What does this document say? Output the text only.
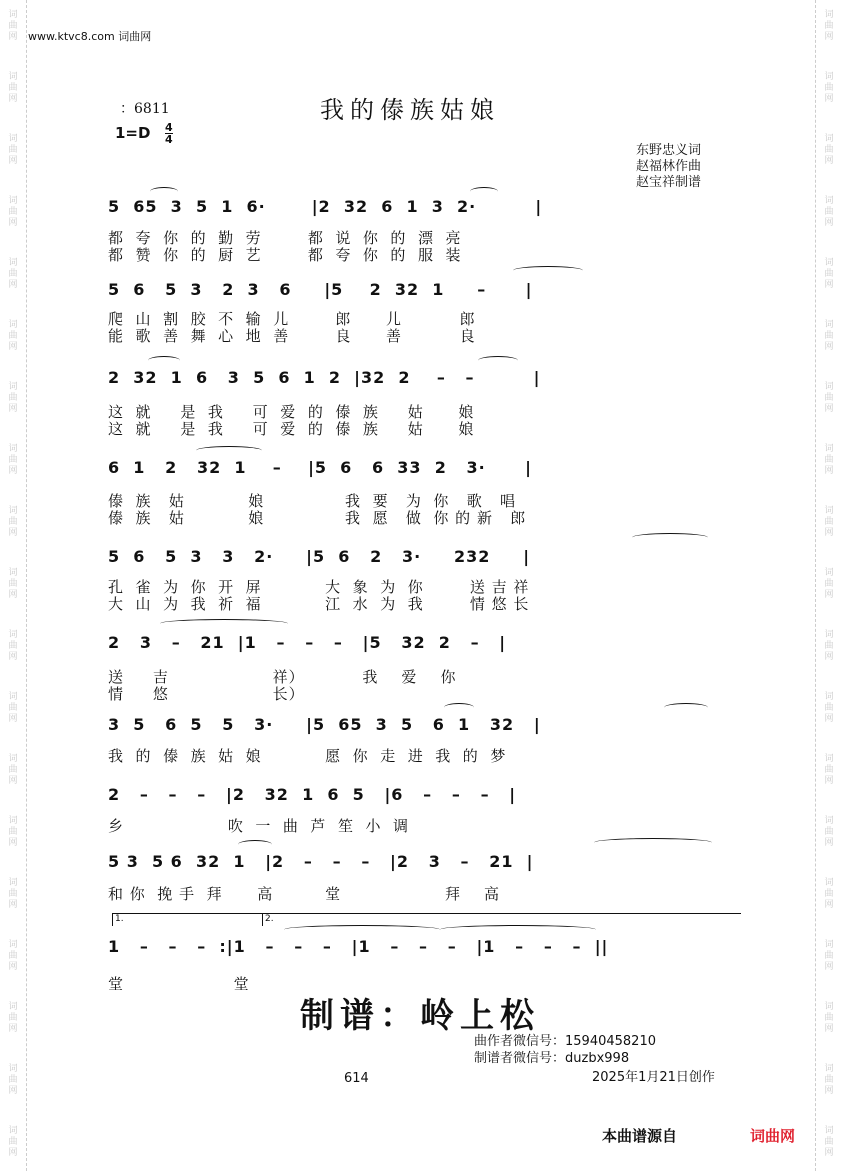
词
曲
网
词
曲
网
词
曲
网
词
曲
网
词
曲
网
词
曲
网
词
曲
网
词
曲
网
词
曲
网
词
曲
网
词
曲
网
词
曲
网
词
曲
网
词
曲
网
词
曲
网
词
曲
网
词
曲
网
词
曲
网
词
曲
网
词
曲
网
词
曲
网
词
曲
网
词
曲
网
词
曲
网
词
曲
网
词
曲
网
词
曲
网
词
曲
网
词
曲
网
词
曲
网
词
曲
网
词
曲
网
词
曲
网
词
曲
网
词
曲
网
词
曲
网
词
曲
网
词
曲
网
www.ktvc8.com 词曲网
：6811	我的傣族姑娘
1=D 4
4
东野忠义词
赵福林作曲
赵宝祥制谱
5  65  3  5  1  6·       |2  32  6  1  3  2·         |
都  夸  你  的  勤  劳        都  说  你  的  漂  亮
都  赞  你  的  厨  艺        都  夸  你  的  服  装
5  6   5  3   2  3   6     |5    2  32  1     –      |
爬  山  割  胶  不  输  儿        郎      儿          郎
能  歌  善  舞  心  地  善        良      善          良
2  32  1  6   3  5  6  1  2  |32  2    –   –         |
这  就     是  我     可  爱  的  傣  族     姑      娘
这  就     是  我     可  爱  的  傣  族     姑      娘
6  1   2   32  1    –    |5  6   6  33  2   3·      |
傣  族   姑           娘              我  要   为  你   歌   唱
傣  族   姑           娘              我  愿   做  你 的 新   郎
5  6   5  3   3   2·     |5  6   2   3·     232     |
孔  雀  为  你  开  屏           大  象  为  你        送 吉 祥
大  山  为  我  祈  福           江  水  为  我        情 悠 长
2   3   –   21  |1   –   –   –   |5   32  2   –   |
送     吉                  祥）          我    爱    你
情     悠                  长）
3  5   6  5   5   3·     |5  65  3  5   6  1   32   |
我  的  傣  族  姑  娘           愿  你  走  进  我  的  梦
2   –   –   –   |2   32  1  6  5   |6   –   –   –   |
乡                  吹  一  曲  芦  笙  小  调
5 3  5 6  32  1   |2   –   –   –   |2   3   –   21  |
和 你  挽 手  拜      高         堂                  拜    高
1.	2.
1   –   –   –  :|1   –   –   –   |1   –   –   –   |1   –   –   –  ||
堂                   堂
制谱：岭上松
曲作者微信号：15940458210
制谱者微信号：duzbx998
614	2025年1月21日创作
本曲谱源自	词曲网
